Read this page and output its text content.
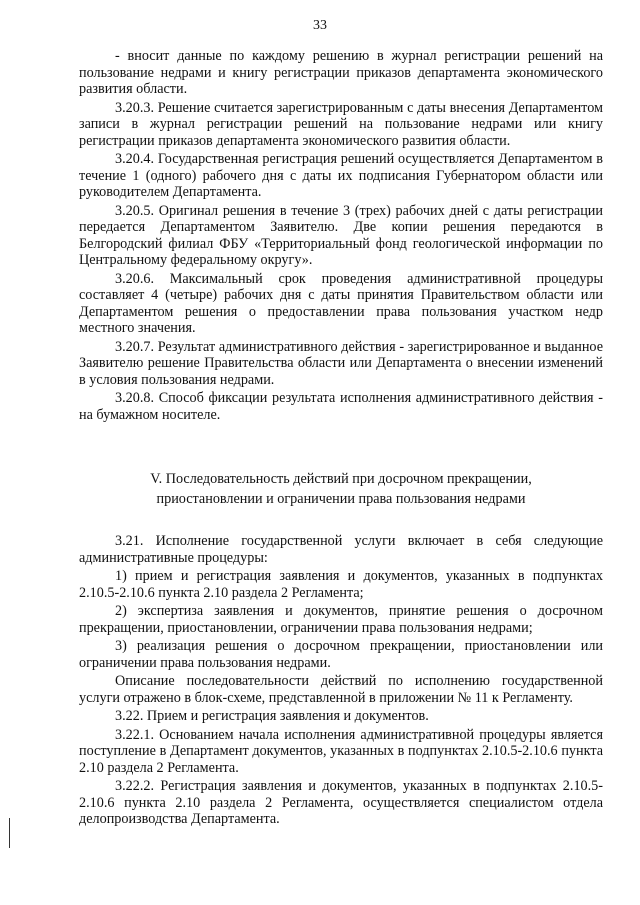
33

- вносит данные по каждому решению в журнал регистрации решений на пользование недрами и книгу регистрации приказов департамента экономического развития области.

3.20.3. Решение считается зарегистрированным с даты внесения Департаментом записи в журнал регистрации решений на пользование недрами или книгу регистрации приказов департамента экономического развития области.

3.20.4. Государственная регистрация решений осуществляется Департаментом в течение 1 (одного) рабочего дня с даты их подписания Губернатором области или руководителем Департамента.

3.20.5. Оригинал решения в течение 3 (трех) рабочих дней с даты регистрации передается Департаментом Заявителю. Две копии решения передаются в Белгородский филиал ФБУ «Территориальный фонд геологической информации по Центральному федеральному округу».

3.20.6. Максимальный срок проведения административной процедуры составляет 4 (четыре) рабочих дня с даты принятия Правительством области или Департаментом решения о предоставлении права пользования участком недр местного значения.

3.20.7. Результат административного действия - зарегистрированное и выданное Заявителю решение Правительства области или Департамента о внесении изменений в условия пользования недрами.

3.20.8. Способ фиксации результата исполнения административного действия - на бумажном носителе.

V. Последовательность действий при досрочном прекращении,

приостановлении и ограничении права пользования недрами

3.21. Исполнение государственной услуги включает в себя следующие административные процедуры:

1) прием и регистрация заявления и документов, указанных в подпунктах 2.10.5-2.10.6 пункта 2.10 раздела 2 Регламента;

2) экспертиза заявления и документов, принятие решения о досрочном прекращении, приостановлении, ограничении права пользования недрами;

3) реализация решения о досрочном прекращении, приостановлении или ограничении права пользования недрами.

Описание последовательности действий по исполнению государственной услуги отражено в блок-схеме, представленной в приложении № 11 к Регламенту.

3.22. Прием и регистрация заявления и документов.

3.22.1. Основанием начала исполнения административной процедуры является поступление в Департамент документов, указанных в подпунктах 2.10.5-2.10.6 пункта 2.10 раздела 2 Регламента.

3.22.2. Регистрация заявления и документов, указанных в подпунктах 2.10.5-2.10.6 пункта 2.10 раздела 2 Регламента, осуществляется специалистом отдела делопроизводства Департамента.
